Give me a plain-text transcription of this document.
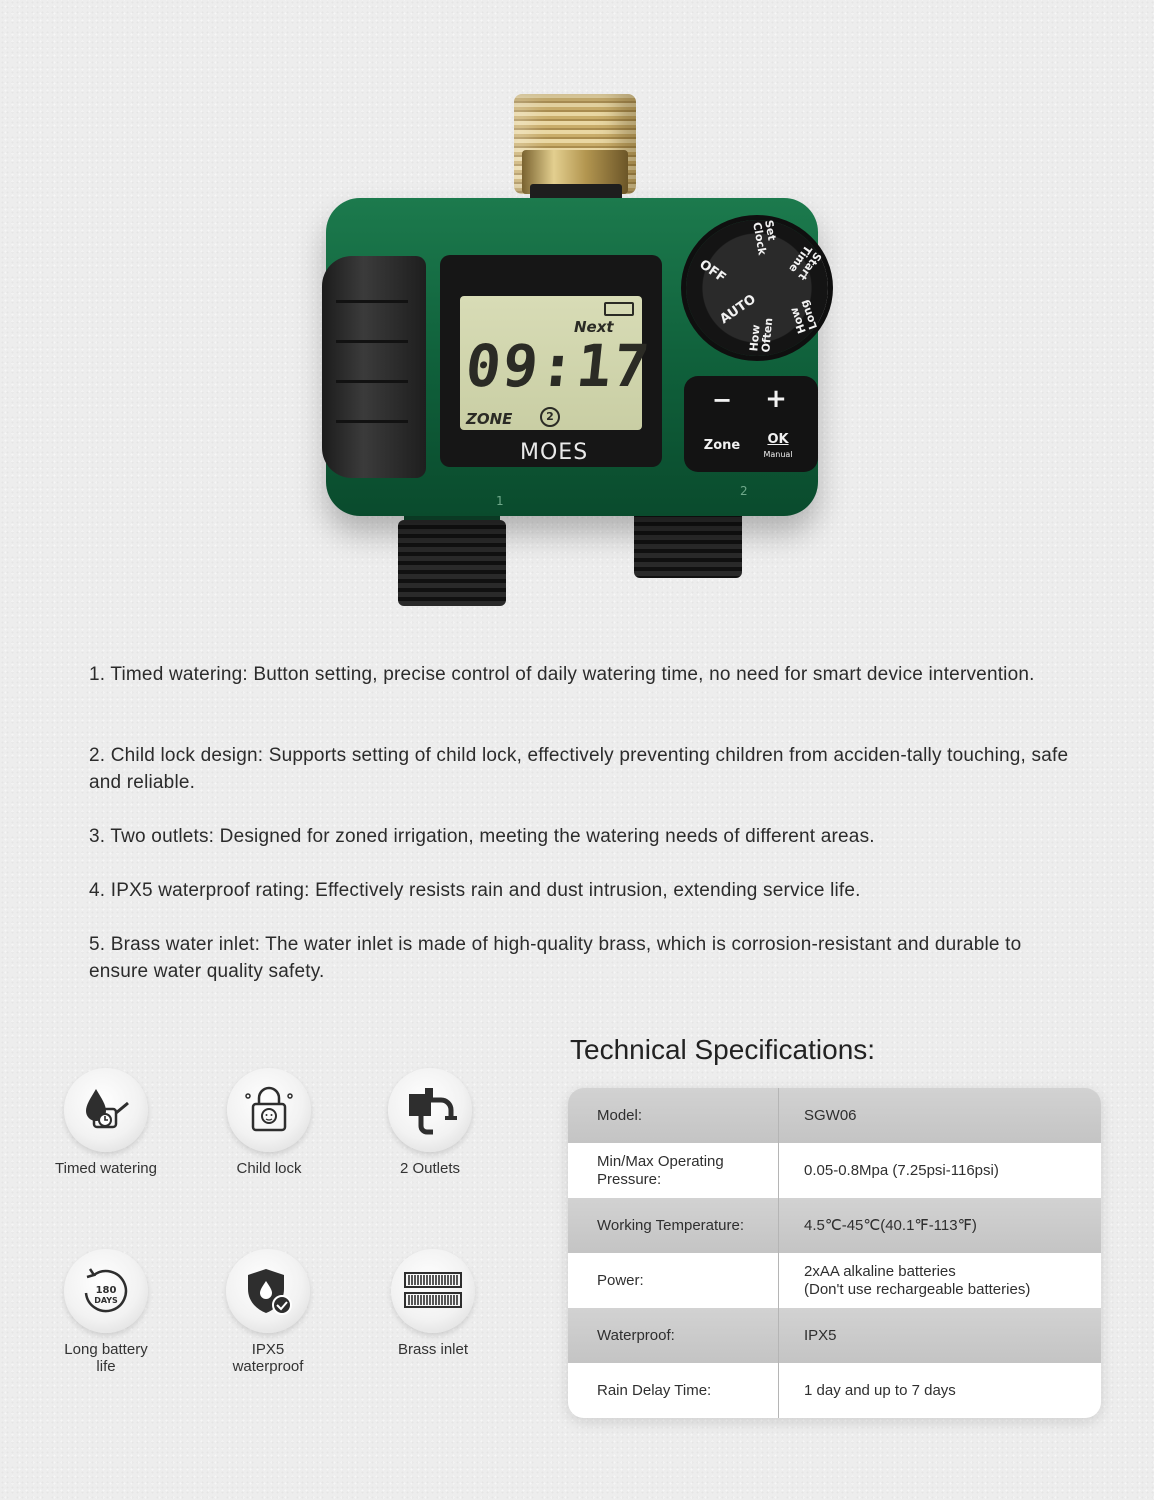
1
2
Next
09:17
ZONE	2
MOES
OFF
Set Clock
Start Time
How Long
How Often
AUTO
−	+
Zone	OK
Manual
1. Timed watering: Button setting, precise control of daily watering time, no need for smart device intervention.
2. Child lock design: Supports setting of child lock, effectively preventing children from acciden-tally touching, safe and reliable.
3. Two outlets: Designed for zoned irrigation, meeting the watering needs of different areas.
4. IPX5 waterproof rating: Effectively resists rain and dust intrusion, extending service life.
5. Brass water inlet: The water inlet is made of high-quality brass, which is corrosion-resistant and durable to ensure water quality safety.
Timed watering	Child lock	2 Outlets
180
DAYS
Long battery life
IPX5 waterproof
Brass inlet
Technical Specifications:
Model:	SGW06
Min/Max Operating Pressure:
0.05-0.8Mpa (7.25psi-116psi)
Working Temperature:	4.5℃-45℃(40.1℉-113℉)
Power:
2xAA alkaline batteries
(Don't use rechargeable batteries)
Waterproof:	IPX5
Rain Delay Time:	1 day and up to 7 days
